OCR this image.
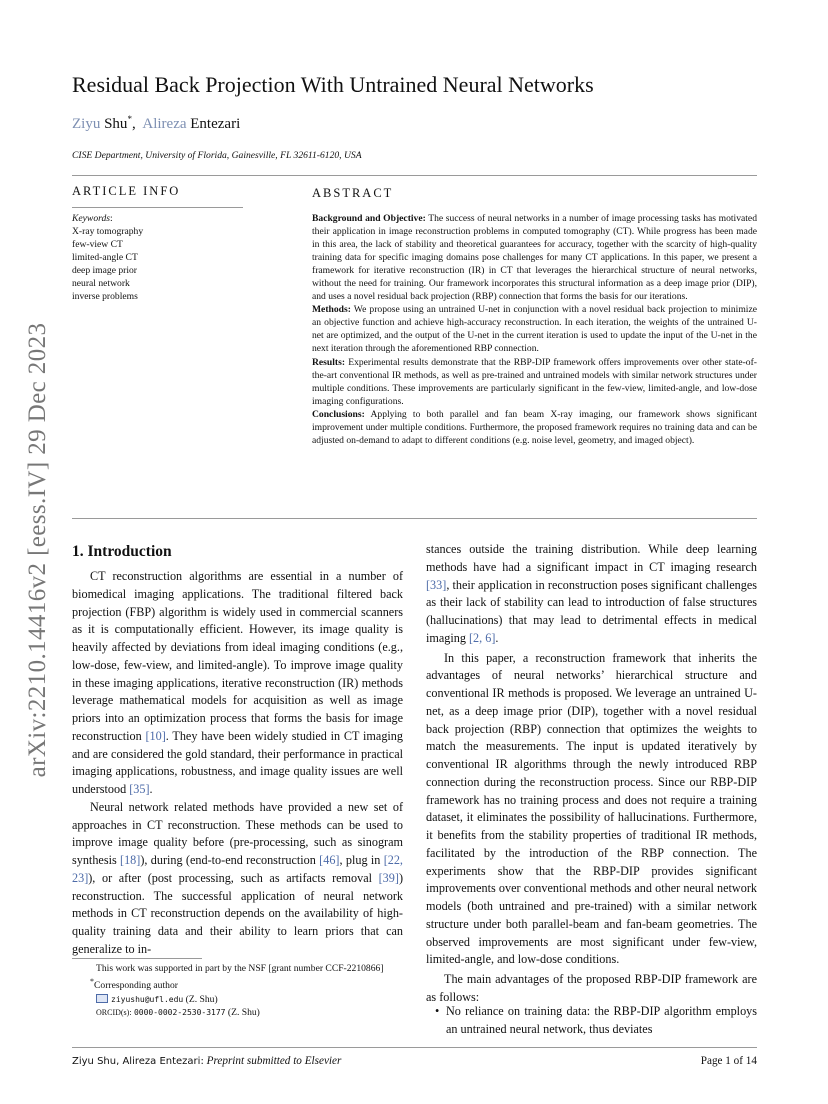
arXiv:2210.14416v2 [eess.IV] 29 Dec 2023
Residual Back Projection With Untrained Neural Networks
Ziyu Shu*, Alireza Entezari
CISE Department, University of Florida, Gainesville, FL 32611-6120, USA
ARTICLE INFO
Keywords:
X-ray tomography
few-view CT
limited-angle CT
deep image prior
neural network
inverse problems
ABSTRACT

Background and Objective: The success of neural networks in a number of image processing tasks has motivated their application in image reconstruction problems in computed tomography (CT). While progress has been made in this area, the lack of stability and theoretical guarantees for accuracy, together with the scarcity of high-quality training data for specific imaging domains pose challenges for many CT applications. In this paper, we present a framework for iterative reconstruction (IR) in CT that leverages the hierarchical structure of neural networks, without the need for training. Our framework incorporates this structural information as a deep image prior (DIP), and uses a novel residual back projection (RBP) connection that forms the basis for our iterations.

Methods: We propose using an untrained U-net in conjunction with a novel residual back projection to minimize an objective function and achieve high-accuracy reconstruction. In each iteration, the weights of the untrained U-net are optimized, and the output of the U-net in the current iteration is used to update the input of the U-net in the next iteration through the aforementioned RBP connection.

Results: Experimental results demonstrate that the RBP-DIP framework offers improvements over other state-of-the-art conventional IR methods, as well as pre-trained and untrained models with similar network structures under multiple conditions. These improvements are particularly significant in the few-view, limited-angle, and low-dose imaging configurations.

Conclusions: Applying to both parallel and fan beam X-ray imaging, our framework shows significant improvement under multiple conditions. Furthermore, the proposed framework requires no training data and can be adjusted on-demand to adapt to different conditions (e.g. noise level, geometry, and imaged object).

1. Introduction

CT reconstruction algorithms are essential in a number of biomedical imaging applications. The traditional filtered back projection (FBP) algorithm is widely used in commercial scanners as it is computationally efficient. However, its image quality is heavily affected by deviations from ideal imaging conditions (e.g., low-dose, few-view, and limited-angle). To improve image quality in these imaging applications, iterative reconstruction (IR) methods leverage mathematical models for acquisition as well as image priors into an optimization process that forms the basis for image reconstruction [10]. They have been widely studied in CT imaging and are considered the gold standard, their performance in practical imaging applications, robustness, and image quality issues are well understood [35].

Neural network related methods have provided a new set of approaches in CT reconstruction. These methods can be used to improve image quality before (pre-processing, such as sinogram synthesis [18]), during (end-to-end reconstruction [46], plug in [22, 23]), or after (post processing, such as artifacts removal [39]) reconstruction. The successful application of neural network methods in CT reconstruction depends on the availability of high-quality training data and their ability to learn priors that can generalize to in-

stances outside the training distribution. While deep learning methods have had a significant impact in CT imaging research [33], their application in reconstruction poses significant challenges as their lack of stability can lead to introduction of false structures (hallucinations) that may lead to detrimental effects in medical imaging [2, 6].

In this paper, a reconstruction framework that inherits the advantages of neural networks’ hierarchical structure and conventional IR methods is proposed. We leverage an untrained U-net, as a deep image prior (DIP), together with a novel residual back projection (RBP) connection that optimizes the weights to match the measurements. The input is updated iteratively by conventional IR algorithms through the newly introduced RBP connection during the reconstruction process. Since our RBP-DIP framework has no training process and does not require a training dataset, it eliminates the possibility of hallucinations. Furthermore, it benefits from the stability properties of traditional IR methods, facilitated by the introduction of the RBP connection. The experiments show that the RBP-DIP provides significant improvements over conventional methods and other neural network models (both untrained and pre-trained) with a similar network structure under both parallel-beam and fan-beam geometries. The observed improvements are most significant under few-view, limited-angle, and low-dose conditions.

The main advantages of the proposed RBP-DIP framework are as follows:

• No reliance on training data: the RBP-DIP algorithm employs an untrained neural network, thus deviates
This work was supported in part by the NSF [grant number CCF-2210866]
*Corresponding author
ziyushu@ufl.edu (Z. Shu)
ORCID(s): 0000-0002-2530-3177 (Z. Shu)
Ziyu Shu, Alireza Entezari: Preprint submitted to Elsevier	Page 1 of 14
